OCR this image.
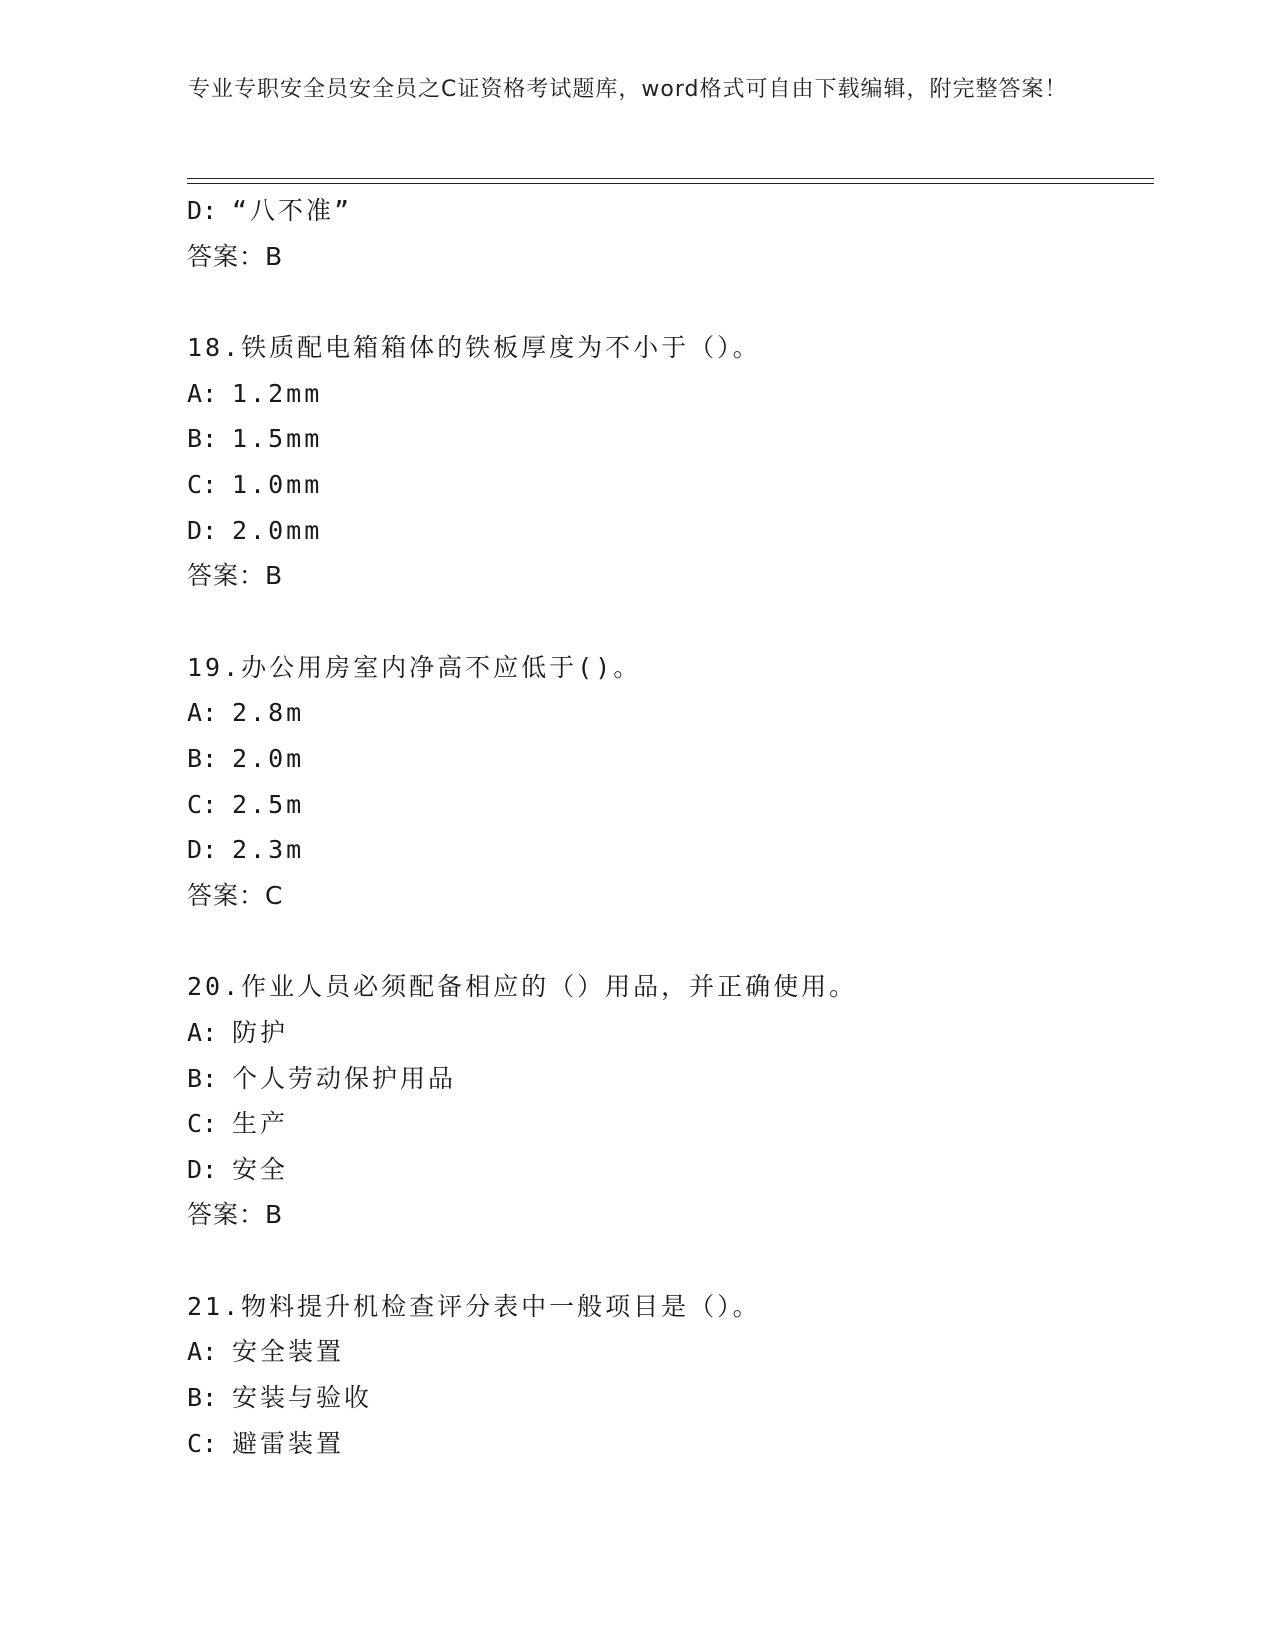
专业专职安全员安全员之C证资格考试题库，word格式可自由下载编辑，附完整答案！
D: “八不准”
答案：B
18.铁质配电箱箱体的铁板厚度为不小于（）。
A: 1.2mm
B: 1.5mm
C: 1.0mm
D: 2.0mm
答案：B
19.办公用房室内净高不应低于()。
A: 2.8m
B: 2.0m
C: 2.5m
D: 2.3m
答案：C
20.作业人员必须配备相应的（）用品，并正确使用。
A: 防护
B: 个人劳动保护用品
C: 生产
D: 安全
答案：B
21.物料提升机检查评分表中一般项目是（）。
A: 安全装置
B: 安装与验收
C: 避雷装置
